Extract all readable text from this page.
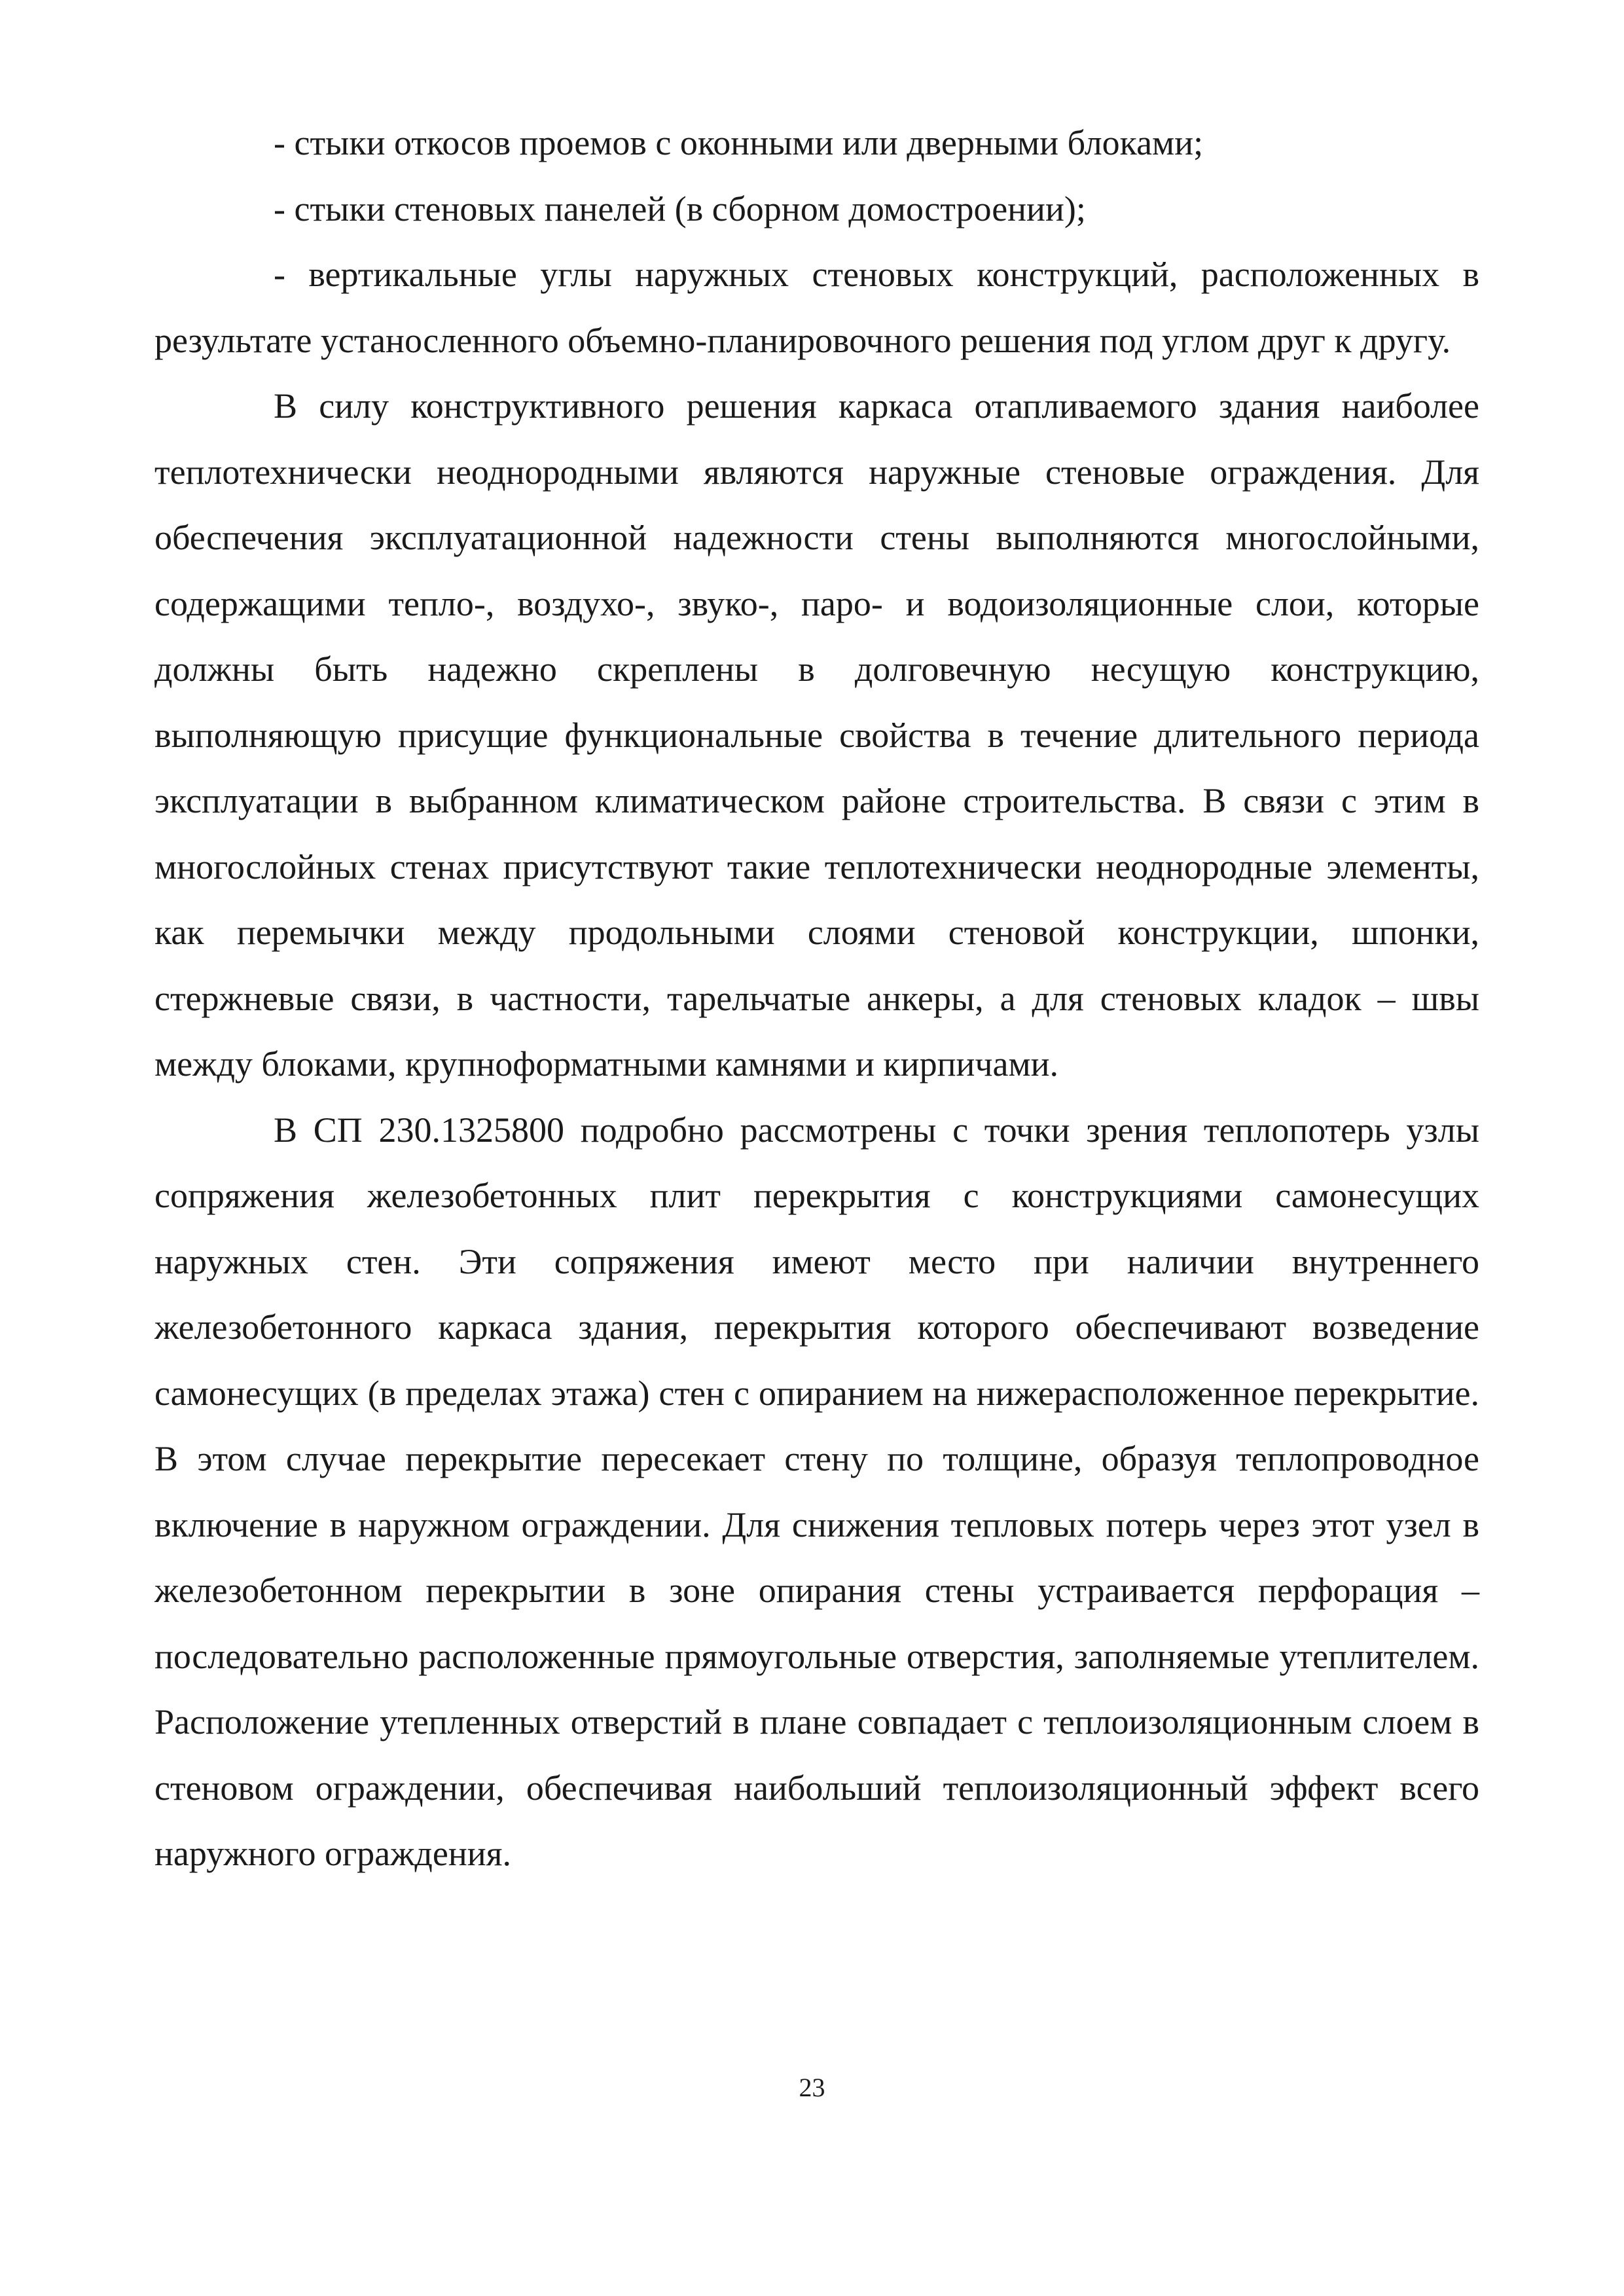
- стыки откосов проемов с оконными или дверными блоками;

- стыки стеновых панелей (в сборном домостроении);

- вертикальные углы наружных стеновых конструкций, расположенных в результате устаносленного объемно-планировочного решения под углом друг к другу.

В силу конструктивного решения каркаса отапливаемого здания наиболее теплотехнически неоднородными являются наружные стеновые ограждения. Для обеспечения эксплуатационной надежности стены выполняются многослойными, содержащими тепло-, воздухо-, звуко-, паро- и водоизоляционные слои, которые должны быть надежно скреплены в долговечную несущую конструкцию, выполняющую присущие функциональные свойства в течение длительного периода эксплуатации в выбранном климатическом районе строительства. В связи с этим в многослойных стенах присутствуют такие теплотехнически неоднородные элементы, как перемычки между продольными слоями стеновой конструкции, шпонки, стержневые связи, в частности, тарельчатые анкеры, а для стеновых кладок – швы между блоками, крупноформатными камнями и кирпичами.

В СП 230.1325800 подробно рассмотрены с точки зрения теплопотерь узлы сопряжения железобетонных плит перекрытия с конструкциями самонесущих наружных стен. Эти сопряжения имеют место при наличии внутреннего железобетонного каркаса здания, перекрытия которого обеспечивают возведение самонесущих (в пределах этажа) стен с опиранием на нижерасположенное перекрытие. В этом случае перекрытие пересекает стену по толщине, образуя теплопроводное включение в наружном ограждении. Для снижения тепловых потерь через этот узел в железобетонном перекрытии в зоне опирания стены устраивается перфорация – последовательно расположенные прямоугольные отверстия, заполняемые утеплителем. Расположение утепленных отверстий в плане совпадает с теплоизоляционным слоем в стеновом ограждении, обеспечивая наибольший теплоизоляционный эффект всего наружного ограждения.

23
